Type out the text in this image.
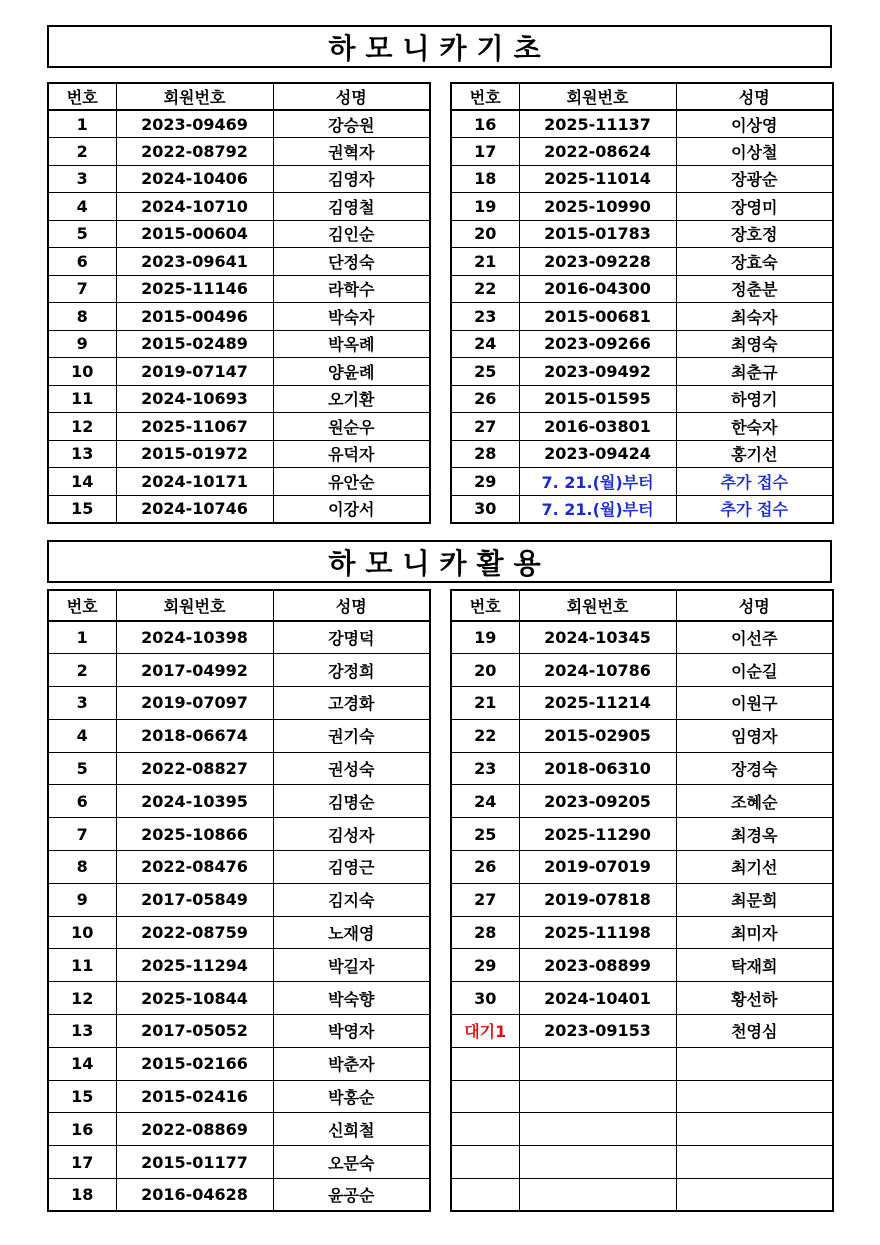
하모니카기초
번호	회원번호	성명
1	2023-09469	강승원
2	2022-08792	권혁자
3	2024-10406	김영자
4	2024-10710	김영철
5	2015-00604	김인순
6	2023-09641	단정숙
7	2025-11146	라학수
8	2015-00496	박숙자
9	2015-02489	박옥례
10	2019-07147	양윤례
11	2024-10693	오기환
12	2025-11067	원순우
13	2015-01972	유덕자
14	2024-10171	유안순
15	2024-10746	이강서
번호	회원번호	성명
16	2025-11137	이상영
17	2022-08624	이상철
18	2025-11014	장광순
19	2025-10990	장영미
20	2015-01783	장호정
21	2023-09228	장효숙
22	2016-04300	정춘분
23	2015-00681	최숙자
24	2023-09266	최영숙
25	2023-09492	최춘규
26	2015-01595	하영기
27	2016-03801	한숙자
28	2023-09424	홍기선
29	7. 21.(월)부터	추가 접수
30	7. 21.(월)부터	추가 접수
하모니카활용
번호	회원번호	성명
1	2024-10398	강명덕
2	2017-04992	강정희
3	2019-07097	고경화
4	2018-06674	권기숙
5	2022-08827	권성숙
6	2024-10395	김명순
7	2025-10866	김성자
8	2022-08476	김영근
9	2017-05849	김지숙
10	2022-08759	노재영
11	2025-11294	박길자
12	2025-10844	박숙향
13	2017-05052	박영자
14	2015-02166	박춘자
15	2015-02416	박홍순
16	2022-08869	신희철
17	2015-01177	오문숙
18	2016-04628	윤공순
번호	회원번호	성명
19	2024-10345	이선주
20	2024-10786	이순길
21	2025-11214	이원구
22	2015-02905	임영자
23	2018-06310	장경숙
24	2023-09205	조혜순
25	2025-11290	최경옥
26	2019-07019	최기선
27	2019-07818	최문희
28	2025-11198	최미자
29	2023-08899	탁재희
30	2024-10401	황선하
대기1	2023-09153	천영심
